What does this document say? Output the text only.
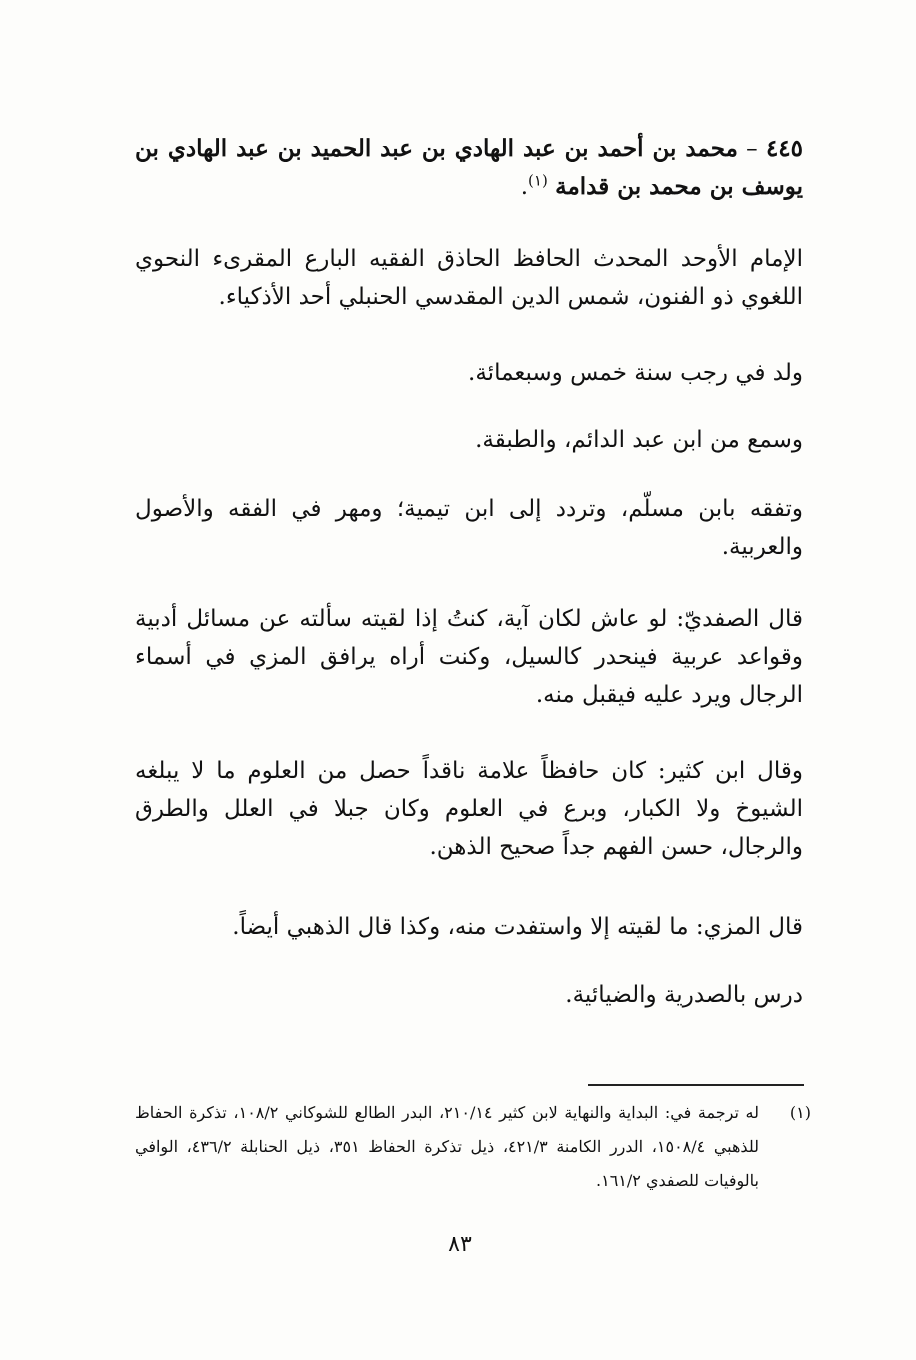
٤٤٥ – محمد بن أحمد بن عبد الهادي بن عبد الحميد بن عبد الهادي بن يوسف بن محمد بن قدامة $^{(١)}$.
الإمام الأوحد المحدث الحافظ الحاذق الفقيه البارع المقرىء النحوي اللغوي ذو الفنون، شمس الدين المقدسي الحنبلي أحد الأذكياء.
ولد في رجب سنة خمس وسبعمائة.
وسمع من ابن عبد الدائم، والطبقة.
وتفقه بابن مسلّم، وتردد إلى ابن تيمية؛ ومهر في الفقه والأصول والعربية.
قال الصفديّ: لو عاش لكان آية، كنتُ إذا لقيته سألته عن مسائل أدبية وقواعد عربية فينحدر كالسيل، وكنت أراه يرافق المزي في أسماء الرجال ويرد عليه فيقبل منه.
وقال ابن كثير: كان حافظاً علامة ناقداً حصل من العلوم ما لا يبلغه الشيوخ ولا الكبار، وبرع في العلوم وكان جبلا في العلل والطرق والرجال، حسن الفهم جداً صحيح الذهن.
قال المزي: ما لقيته إلا واستفدت منه، وكذا قال الذهبي أيضاً.
درس بالصدرية والضيائية.
(١)
له ترجمة في: البداية والنهاية لابن كثير ٢١٠/١٤، البدر الطالع للشوكاني ١٠٨/٢، تذكرة الحفاظ للذهبي ١٥٠٨/٤، الدرر الكامنة ٤٢١/٣، ذيل تذكرة الحفاظ ٣٥١، ذيل الحنابلة ٤٣٦/٢، الوافي بالوفيات للصفدي ١٦١/٢.
٨٣
